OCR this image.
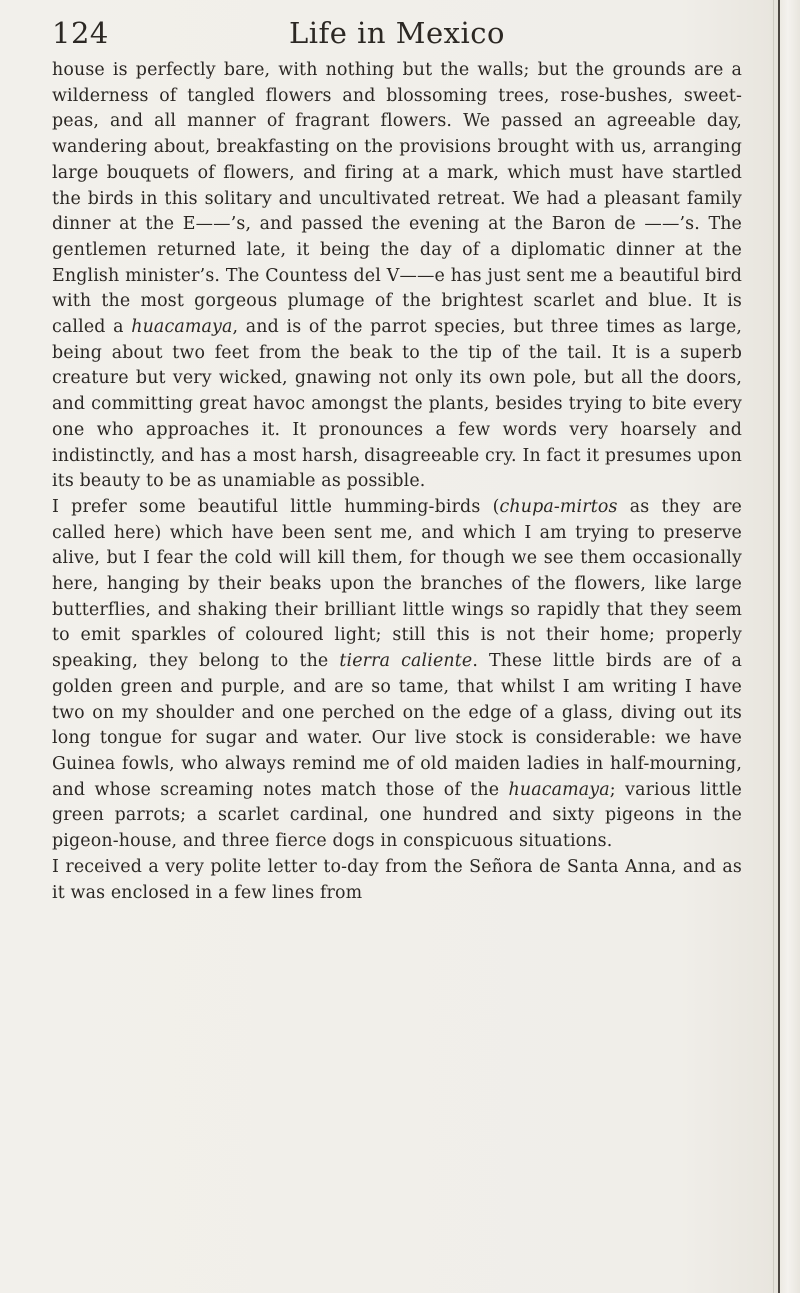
124	Life in Mexico

house is perfectly bare, with nothing but the walls; but the grounds are a wilderness of tangled flowers and blossoming trees, rose-bushes, sweet-peas, and all manner of fragrant flowers. We passed an agreeable day, wandering about, breakfasting on the provisions brought with us, arranging large bouquets of flowers, and firing at a mark, which must have startled the birds in this solitary and uncultivated retreat. We had a pleasant family dinner at the E——’s, and passed the evening at the Baron de ——’s. The gentlemen returned late, it being the day of a diplomatic dinner at the English minister’s. The Countess del V——e has just sent me a beautiful bird with the most gorgeous plumage of the brightest scarlet and blue. It is called a huacamaya, and is of the parrot species, but three times as large, being about two feet from the beak to the tip of the tail. It is a superb creature but very wicked, gnawing not only its own pole, but all the doors, and committing great havoc amongst the plants, besides trying to bite every one who approaches it. It pronounces a few words very hoarsely and indistinctly, and has a most harsh, disagreeable cry. In fact it presumes upon its beauty to be as unamiable as possible.

I prefer some beautiful little humming-birds (chupa-mirtos as they are called here) which have been sent me, and which I am trying to preserve alive, but I fear the cold will kill them, for though we see them occasionally here, hanging by their beaks upon the branches of the flowers, like large butterflies, and shaking their brilliant little wings so rapidly that they seem to emit sparkles of coloured light; still this is not their home; properly speaking, they belong to the tierra caliente. These little birds are of a golden green and purple, and are so tame, that whilst I am writing I have two on my shoulder and one perched on the edge of a glass, diving out its long tongue for sugar and water. Our live stock is considerable: we have Guinea fowls, who always remind me of old maiden ladies in half-mourning, and whose screaming notes match those of the huacamaya; various little green parrots; a scarlet cardinal, one hundred and sixty pigeons in the pigeon-house, and three fierce dogs in conspicuous situations.

I received a very polite letter to-day from the Señora de Santa Anna, and as it was enclosed in a few lines from
